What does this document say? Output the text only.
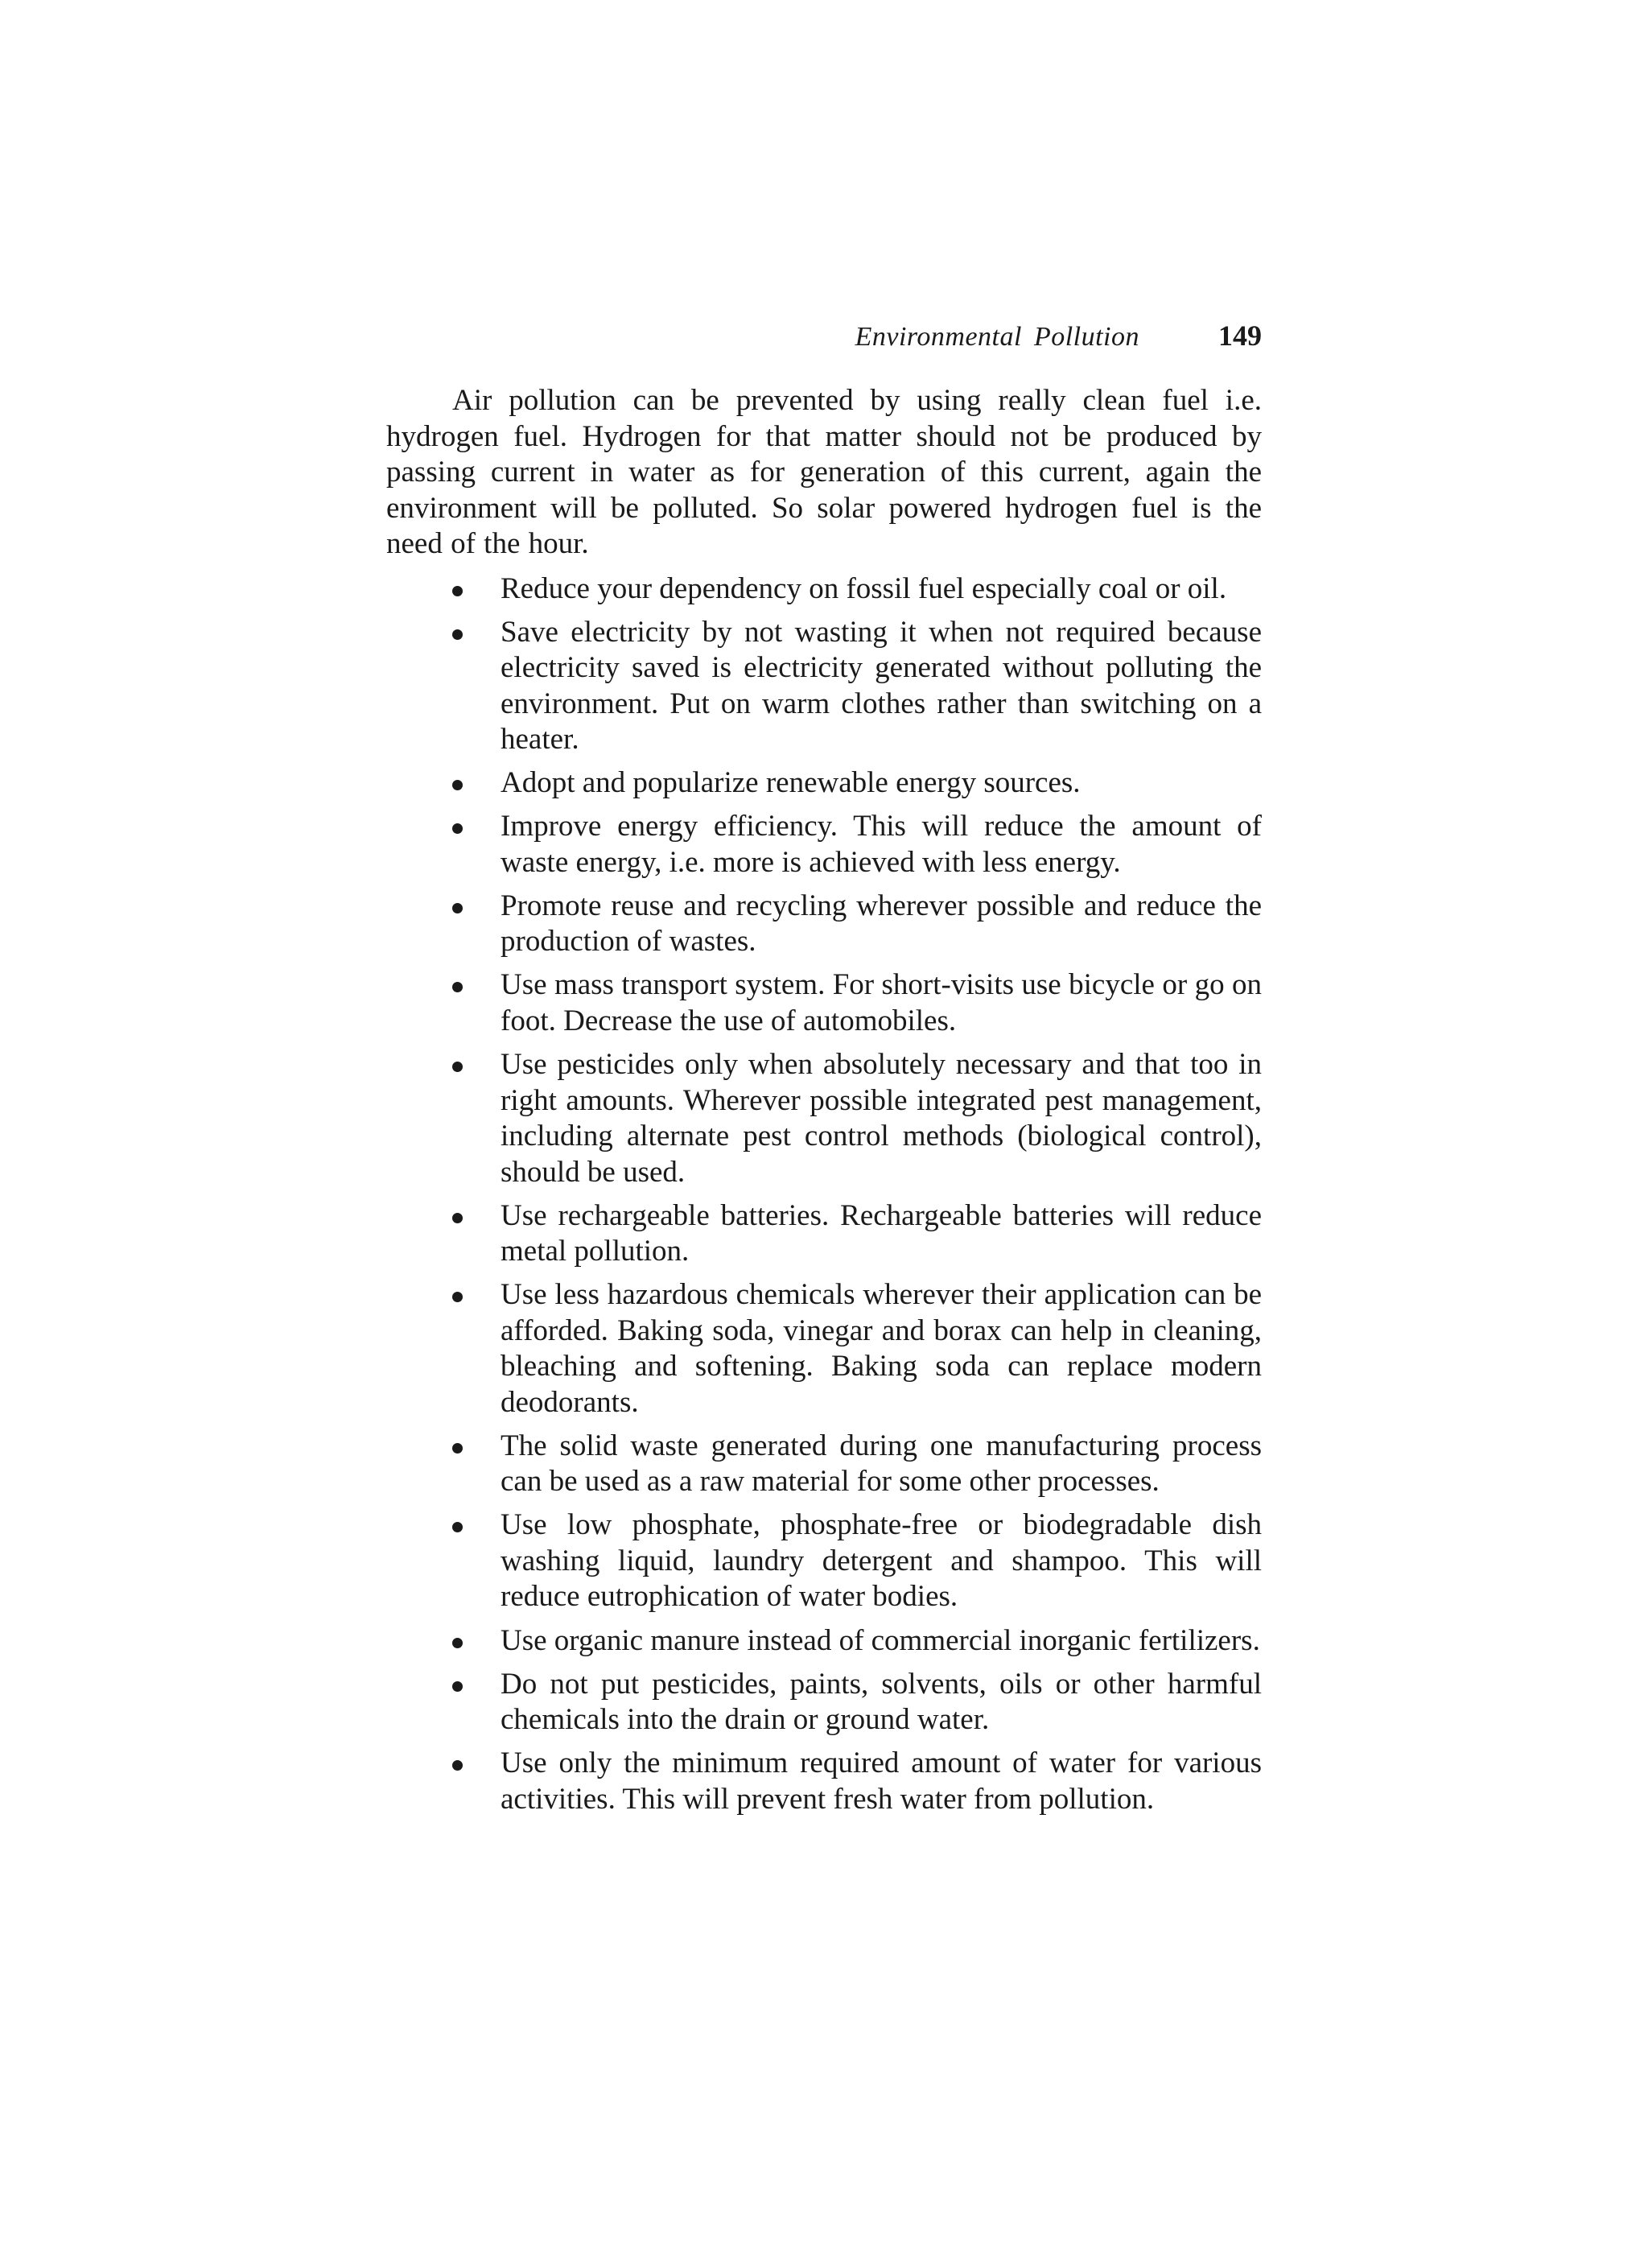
Environmental Pollution	149

Air pollution can be prevented by using really clean fuel i.e. hydrogen fuel. Hydrogen for that matter should not be produced by passing current in water as for generation of this current, again the environment will be polluted. So solar powered hydrogen fuel is the need of the hour.

Reduce your dependency on fossil fuel especially coal or oil.
Save electricity by not wasting it when not required because electricity saved is electricity generated without polluting the environment. Put on warm clothes rather than switching on a heater.
Adopt and popularize renewable energy sources.
Improve energy efficiency. This will reduce the amount of waste energy, i.e. more is achieved with less energy.
Promote reuse and recycling wherever possible and reduce the production of wastes.
Use mass transport system. For short-visits use bicycle or go on foot. Decrease the use of automobiles.
Use pesticides only when absolutely necessary and that too in right amounts. Wherever possible integrated pest management, including alternate pest control methods (biological control), should be used.
Use rechargeable batteries. Rechargeable batteries will reduce metal pollution.
Use less hazardous chemicals wherever their application can be afforded. Baking soda, vinegar and borax can help in cleaning, bleaching and softening. Baking soda can replace modern deodorants.
The solid waste generated during one manufacturing process can be used as a raw material for some other processes.
Use low phosphate, phosphate-free or biodegradable dish washing liquid, laundry detergent and shampoo. This will reduce eutrophication of water bodies.
Use organic manure instead of commercial inorganic fertilizers.
Do not put pesticides, paints, solvents, oils or other harmful chemicals into the drain or ground water.
Use only the minimum required amount of water for various activities. This will prevent fresh water from pollution.
